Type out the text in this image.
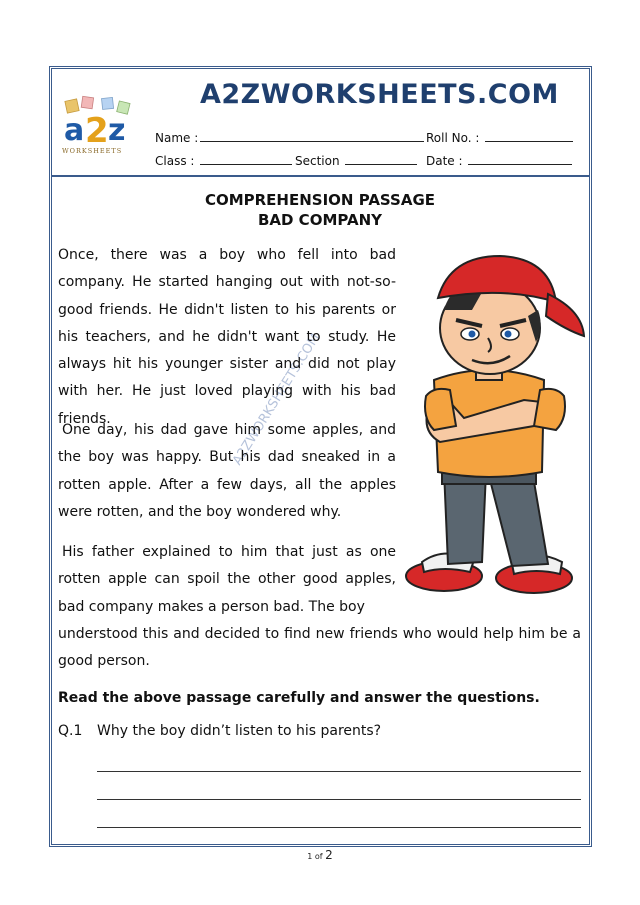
a 2 z
WORKSHEETS
A2ZWORKSHEETS.COM
Name :	Roll No. :
Class :	Section	Date :
COMPREHENSION PASSAGE
BAD COMPANY
A2ZWORKSHEETS.COM
Once, there was a boy who fell into bad company. He started hanging out with not-so-good friends. He didn't listen to his parents or his teachers, and he didn't want to study. He always hit his younger sister and did not play with her. He just loved playing with his bad friends.
One day, his dad gave him some apples, and the boy was happy. But his dad sneaked in a rotten apple. After a few days, all the apples were rotten, and the boy wondered why.
His father explained to him that just as one rotten apple can spoil the other good apples, bad company makes a person bad. The boy
understood this and decided to find new friends who would help him be a good person.
Read the above passage carefully and answer the questions.
Q.1 Why the boy didn’t listen to his parents?
1 of 2
